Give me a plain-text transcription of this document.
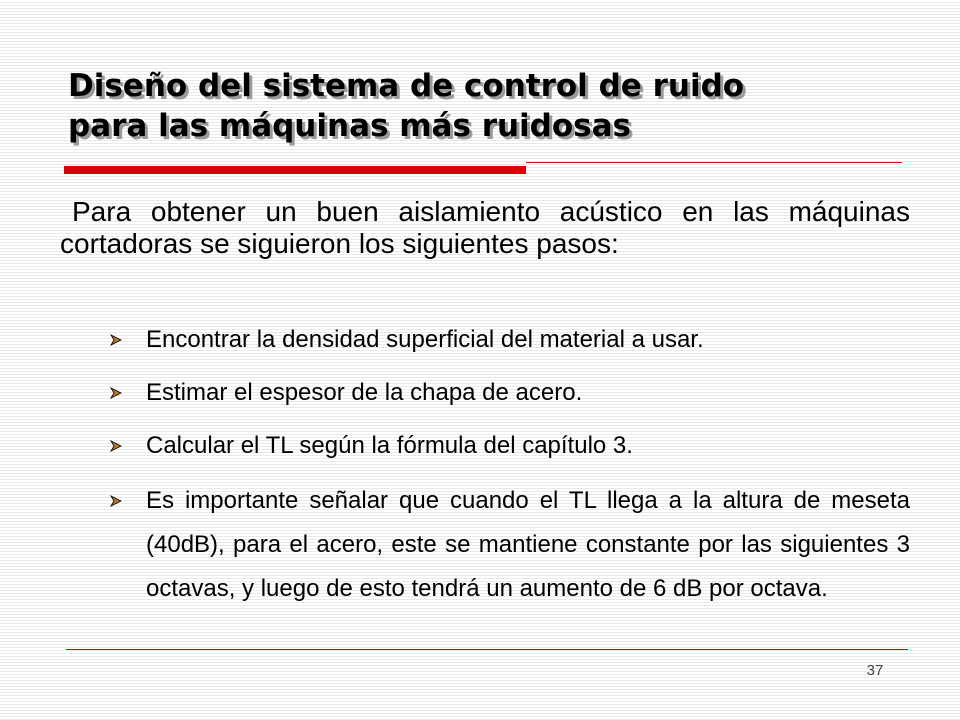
Diseño del sistema de control de ruido
para las máquinas más ruidosas

Para obtener un buen aislamiento acústico en las máquinas cortadoras se siguieron los siguientes pasos:

Encontrar la densidad superficial del material a usar.
Estimar el espesor de la chapa de acero.
Calcular el TL según la fórmula del capítulo 3.
Es importante señalar que cuando el TL llega a la altura de meseta (40dB), para el acero, este se mantiene constante por las siguientes 3 octavas, y luego de esto tendrá un aumento de 6 dB por octava.
37
